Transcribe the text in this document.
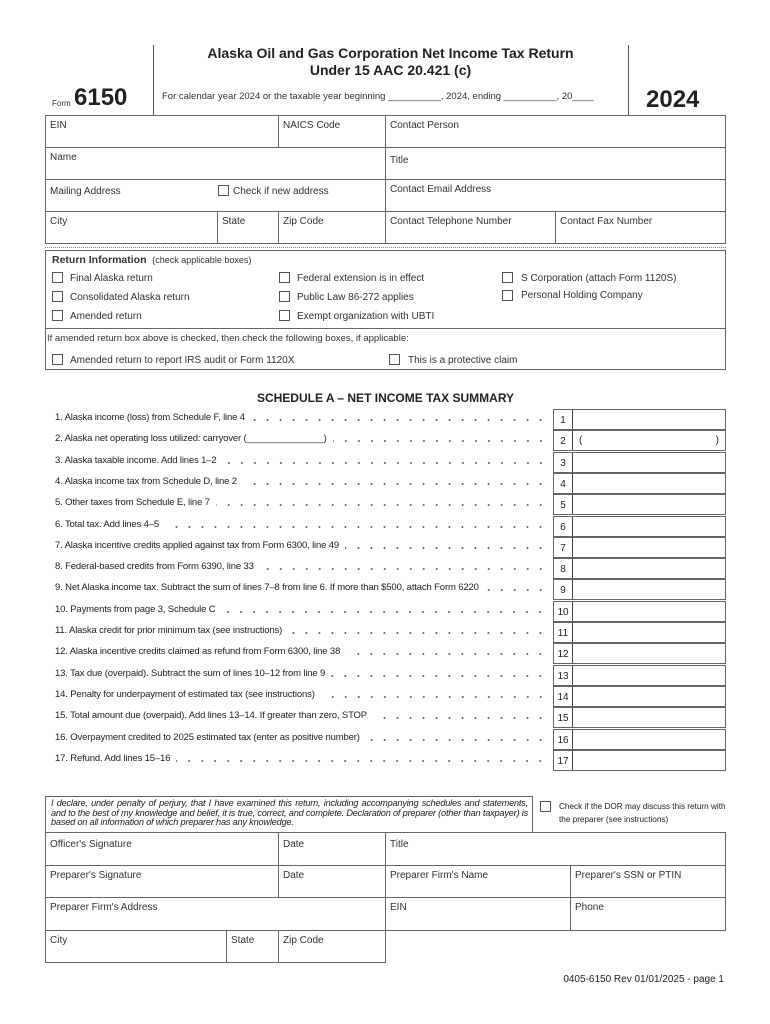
Form 6150
Alaska Oil and Gas Corporation Net Income Tax Return
Under 15 AAC 20.421 (c)
For calendar year 2024 or the taxable year beginning __________, 2024, ending __________, 20____ 2024
EIN	NAICS Code	Contact Person
Name	Title
Mailing Address	Check if new address	Contact Email Address
City	State	Zip Code	Contact Telephone Number	Contact Fax Number
Return Information (check applicable boxes)
Final Alaska return
Consolidated Alaska return
Amended return
Federal extension is in effect
Public Law 86-272 applies
Exempt organization with UBTI
S Corporation (attach Form 1120S)
Personal Holding Company
If amended return box above is checked, then check the following boxes, if applicable:
Amended return to report IRS audit or Form 1120X	This is a protective claim
SCHEDULE A – NET INCOME TAX SUMMARY
1. Alaska income (loss) from Schedule F, line 4	1
2. Alaska net operating loss utilized: carryover (_______________)	2	(	)
3. Alaska taxable income. Add lines 1–2	3
4. Alaska income tax from Schedule D, line 2	4
5. Other taxes from Schedule E, line 7	5
6. Total tax. Add lines 4–5	6
7. Alaska incentive credits applied against tax from Form 6300, line 49	7
8. Federal-based credits from Form 6390, line 33	8
9. Net Alaska income tax. Subtract the sum of lines 7–8 from line 6. If more than $500, attach Form 6220	9
10. Payments from page 3, Schedule C	10
11. Alaska credit for prior minimum tax (see instructions)	11
12. Alaska incentive credits claimed as refund from Form 6300, line 38	12
13. Tax due (overpaid). Subtract the sum of lines 10–12 from line 9	13
14. Penalty for underpayment of estimated tax (see instructions)	14
15. Total amount due (overpaid). Add lines 13–14. If greater than zero, STOP	15
16. Overpayment credited to 2025 estimated tax (enter as positive number)	16
17. Refund. Add lines 15–16	17
I declare, under penalty of perjury, that I have examined this return, including accompanying schedules and statements, and to the best of my knowledge and belief, it is true, correct, and complete. Declaration of preparer (other than taxpayer) is based on all information of which preparer has any knowledge.
Check if the DOR may discuss this return with the preparer (see instructions)
Officer's Signature	Date	Title
Preparer's Signature	Date	Preparer Firm's Name	Preparer's SSN or PTIN
Preparer Firm's Address	EIN	Phone
City	State	Zip Code
0405-6150 Rev 01/01/2025 - page 1
